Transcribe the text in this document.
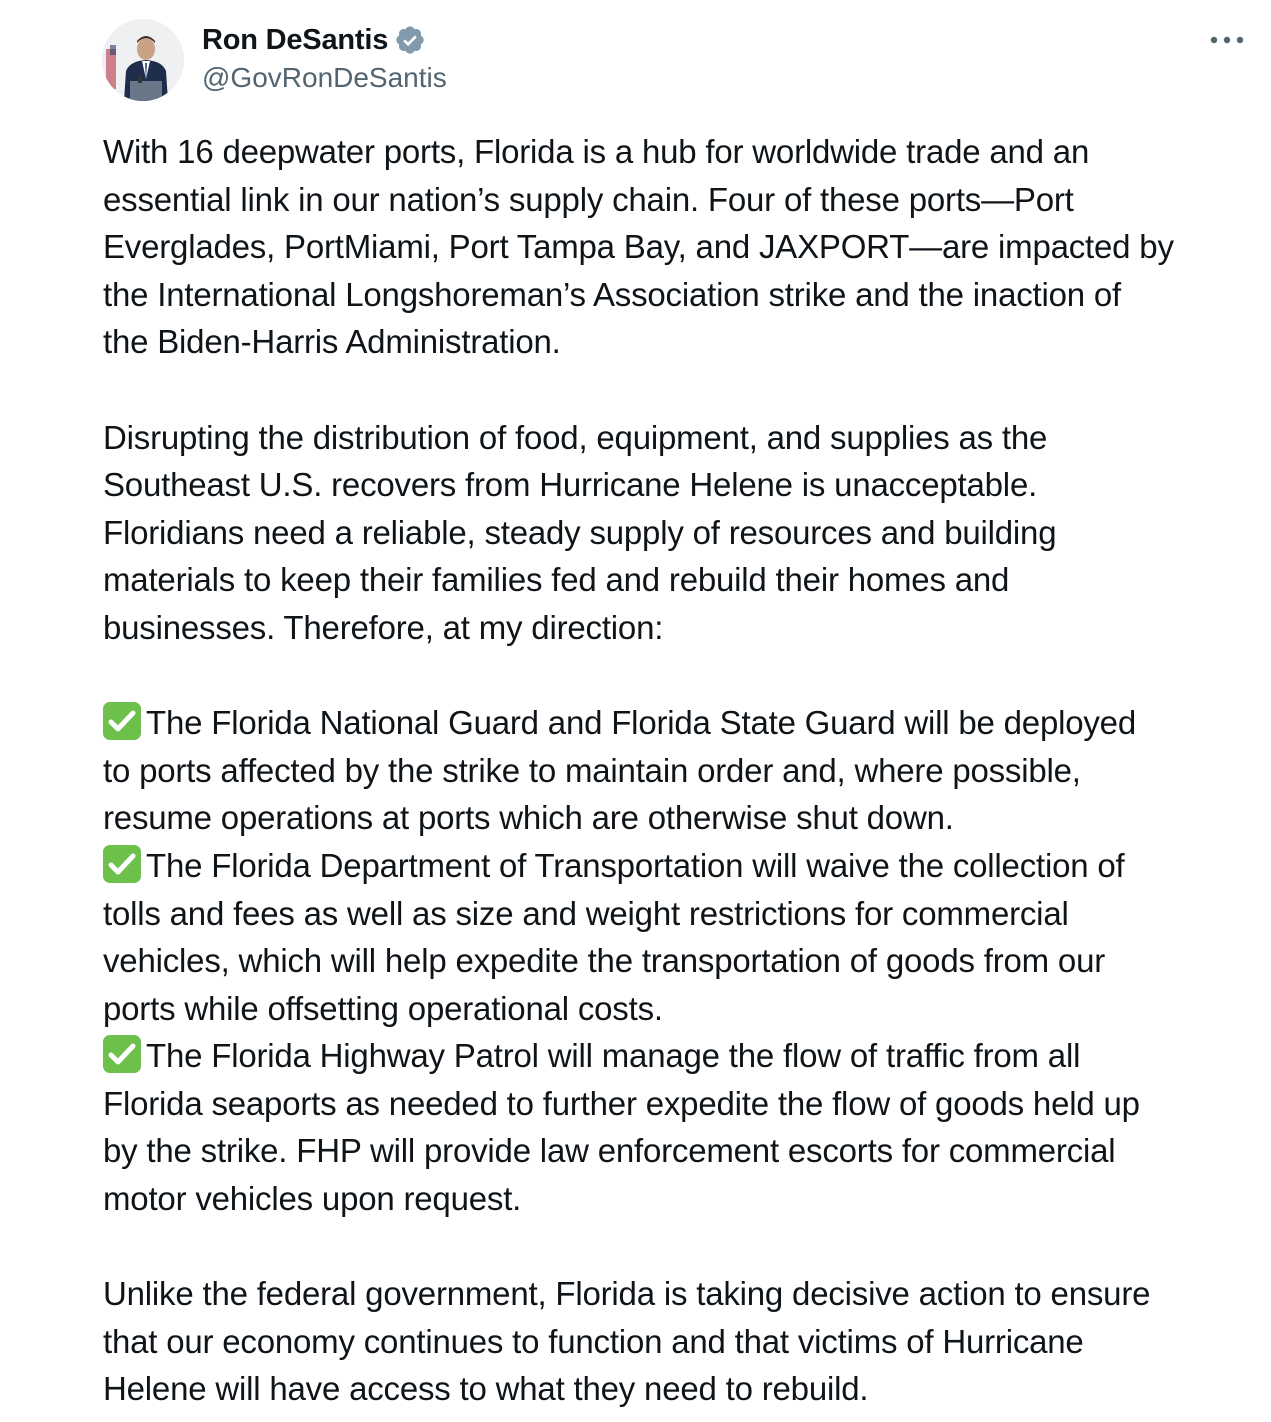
Ron DeSantis
@GovRonDeSantis
With 16 deepwater ports, Florida is a hub for worldwide trade and an
essential link in our nation’s supply chain. Four of these ports—Port
Everglades, PortMiami, Port Tampa Bay, and JAXPORT—are impacted by
the International Longshoreman’s Association strike and the inaction of
the Biden-Harris Administration.
Disrupting the distribution of food, equipment, and supplies as the
Southeast U.S. recovers from Hurricane Helene is unacceptable.
Floridians need a reliable, steady supply of resources and building
materials to keep their families fed and rebuild their homes and
businesses. Therefore, at my direction:
The Florida National Guard and Florida State Guard will be deployed
to ports affected by the strike to maintain order and, where possible,
resume operations at ports which are otherwise shut down.
The Florida Department of Transportation will waive the collection of
tolls and fees as well as size and weight restrictions for commercial
vehicles, which will help expedite the transportation of goods from our
ports while offsetting operational costs.
The Florida Highway Patrol will manage the flow of traffic from all
Florida seaports as needed to further expedite the flow of goods held up
by the strike. FHP will provide law enforcement escorts for commercial
motor vehicles upon request.
Unlike the federal government, Florida is taking decisive action to ensure
that our economy continues to function and that victims of Hurricane
Helene will have access to what they need to rebuild.
